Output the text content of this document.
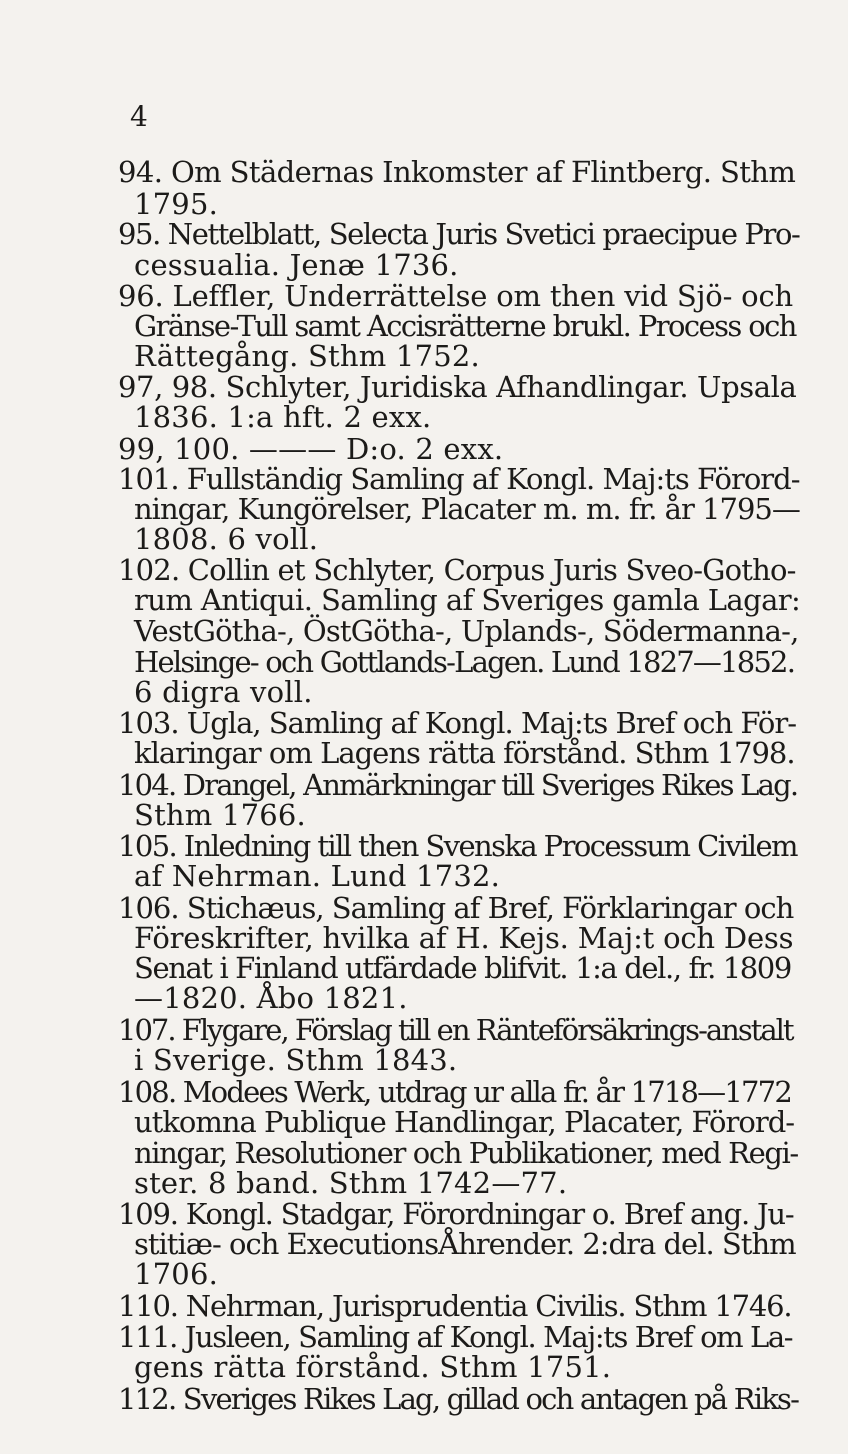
4
94. Om Städernas Inkomster af Flintberg. Sthm
1795.
95. Nettelblatt, Selecta Juris Svetici praecipue Pro-
cessualia. Jenæ 1736.
96. Leffler, Underrättelse om then vid Sjö- och
Gränse-Tull samt Accisrätterne brukl. Process och
Rättegång. Sthm 1752.
97, 98. Schlyter, Juridiska Afhandlingar. Upsala
1836. 1:a hft. 2 exx.
99, 100. ——— D:o. 2 exx.
101. Fullständig Samling af Kongl. Maj:ts Förord-
ningar, Kungörelser, Placater m. m. fr. år 1795—
1808. 6 voll.
102. Collin et Schlyter, Corpus Juris Sveo-Gotho-
rum Antiqui. Samling af Sveriges gamla Lagar:
VestGötha-, ÖstGötha-, Uplands-, Södermanna-,
Helsinge- och Gottlands-Lagen. Lund 1827—1852.
6 digra voll.
103. Ugla, Samling af Kongl. Maj:ts Bref och För-
klaringar om Lagens rätta förstånd. Sthm 1798.
104. Drangel, Anmärkningar till Sveriges Rikes Lag.
Sthm 1766.
105. Inledning till then Svenska Processum Civilem
af Nehrman. Lund 1732.
106. Stichæus, Samling af Bref, Förklaringar och
Föreskrifter, hvilka af H. Kejs. Maj:t och Dess
Senat i Finland utfärdade blifvit. 1:a del., fr. 1809
—1820. Åbo 1821.
107. Flygare, Förslag till en Ränteförsäkrings-anstalt
i Sverige. Sthm 1843.
108. Modees Werk, utdrag ur alla fr. år 1718—1772
utkomna Publique Handlingar, Placater, Förord-
ningar, Resolutioner och Publikationer, med Regi-
ster. 8 band. Sthm 1742—77.
109. Kongl. Stadgar, Förordningar o. Bref ang. Ju-
stitiæ- och ExecutionsÅhrender. 2:dra del. Sthm
1706.
110. Nehrman, Jurisprudentia Civilis. Sthm 1746.
111. Jusleen, Samling af Kongl. Maj:ts Bref om La-
gens rätta förstånd. Sthm 1751.
112. Sveriges Rikes Lag, gillad och antagen på Riks-
